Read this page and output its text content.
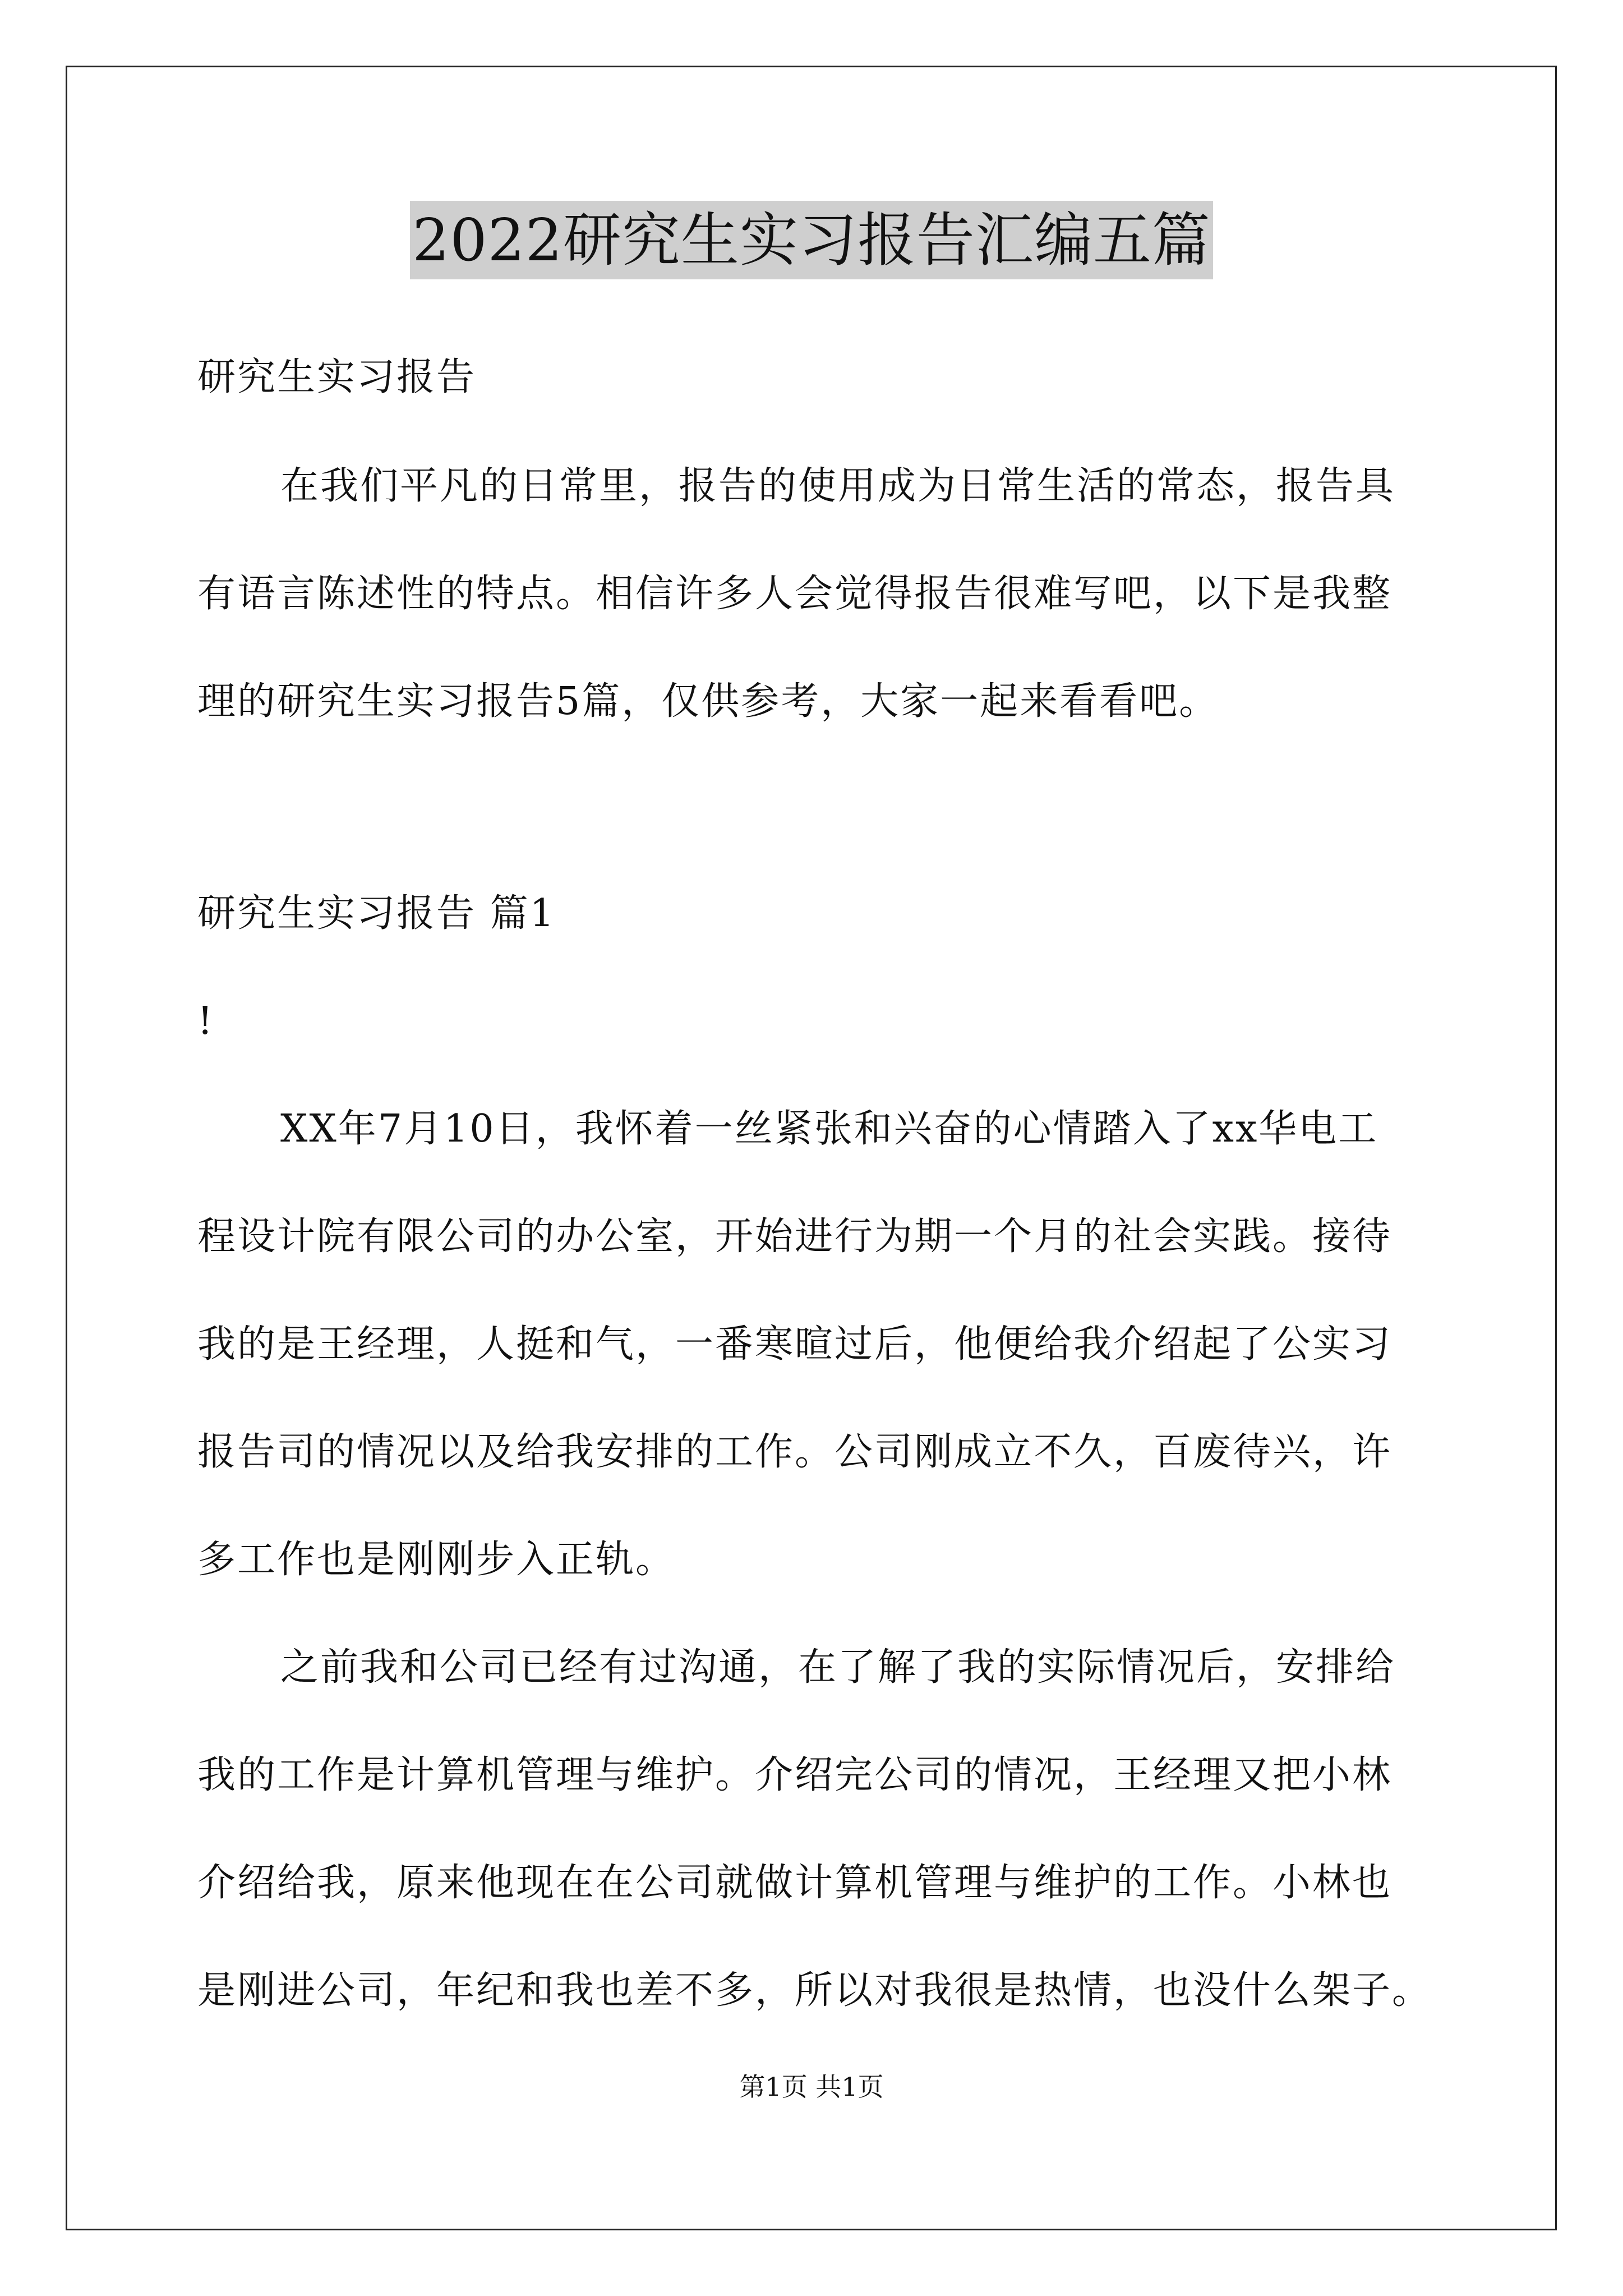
2022研究生实习报告汇编五篇
研究生实习报告
在我们平凡的日常里，报告的使用成为日常生活的常态，报告具
有语言陈述性的特点。相信许多人会觉得报告很难写吧，以下是我整
理的研究生实习报告5篇，仅供参考，大家一起来看看吧。
研究生实习报告 篇1
!
XX年7月10日，我怀着一丝紧张和兴奋的心情踏入了xx华电工
程设计院有限公司的办公室，开始进行为期一个月的社会实践。接待
我的是王经理，人挺和气，一番寒暄过后，他便给我介绍起了公实习
报告司的情况以及给我安排的工作。公司刚成立不久，百废待兴，许
多工作也是刚刚步入正轨。
之前我和公司已经有过沟通，在了解了我的实际情况后，安排给
我的工作是计算机管理与维护。介绍完公司的情况，王经理又把小林
介绍给我，原来他现在在公司就做计算机管理与维护的工作。小林也
是刚进公司，年纪和我也差不多，所以对我很是热情，也没什么架子。
第1页 共1页
